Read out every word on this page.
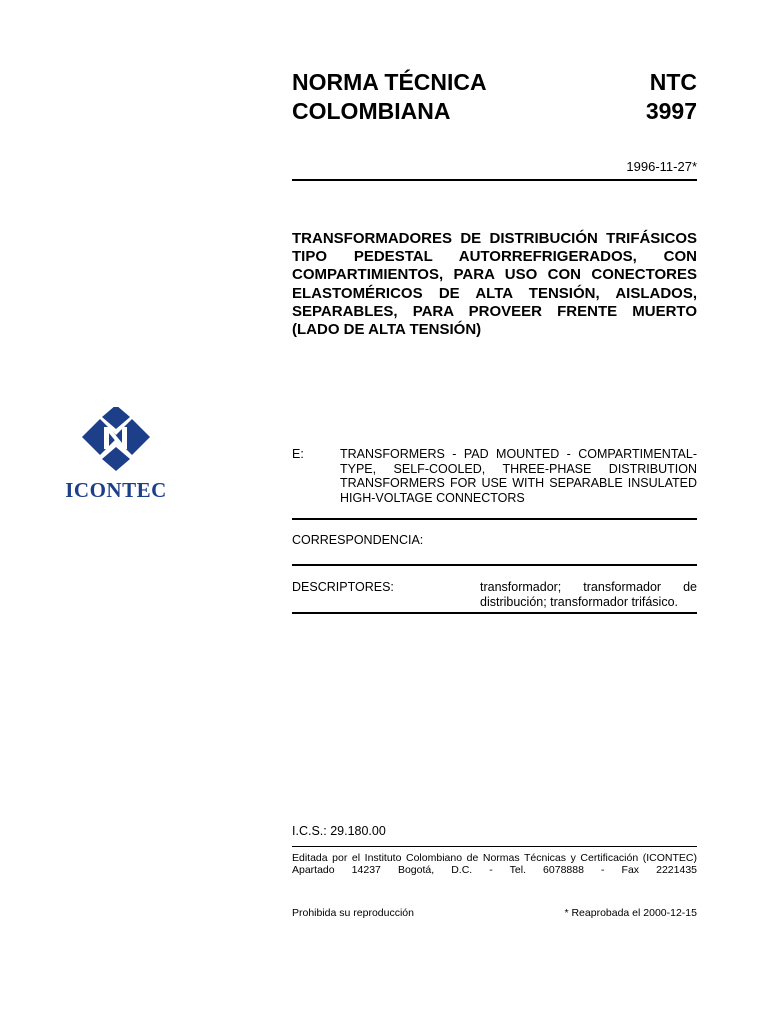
NORMA TÉCNICA
COLOMBIANA
NTC
3997
1996-11-27*
TRANSFORMADORES DE DISTRIBUCIÓN TRIFÁSICOS TIPO PEDESTAL AUTORREFRIGERADOS, CON COMPARTIMIENTOS, PARA USO CON CONECTORES ELASTOMÉRICOS DE ALTA TENSIÓN, AISLADOS, SEPARABLES, PARA PROVEER FRENTE MUERTO (LADO DE ALTA TENSIÓN)
ICONTEC
E:	TRANSFORMERS - PAD MOUNTED - COMPARTIMENTAL-TYPE, SELF-COOLED, THREE-PHASE DISTRIBUTION TRANSFORMERS FOR USE WITH SEPARABLE INSULATED HIGH-VOLTAGE CONNECTORS
CORRESPONDENCIA:
DESCRIPTORES:	transformador; transformador de distribución; transformador trifásico.
I.C.S.: 29.180.00
Editada por el Instituto Colombiano de Normas Técnicas y Certificación (ICONTEC)
Apartado 14237 Bogotá, D.C. - Tel. 6078888 - Fax 2221435
Prohibida su reproducción	* Reaprobada el 2000-12-15
